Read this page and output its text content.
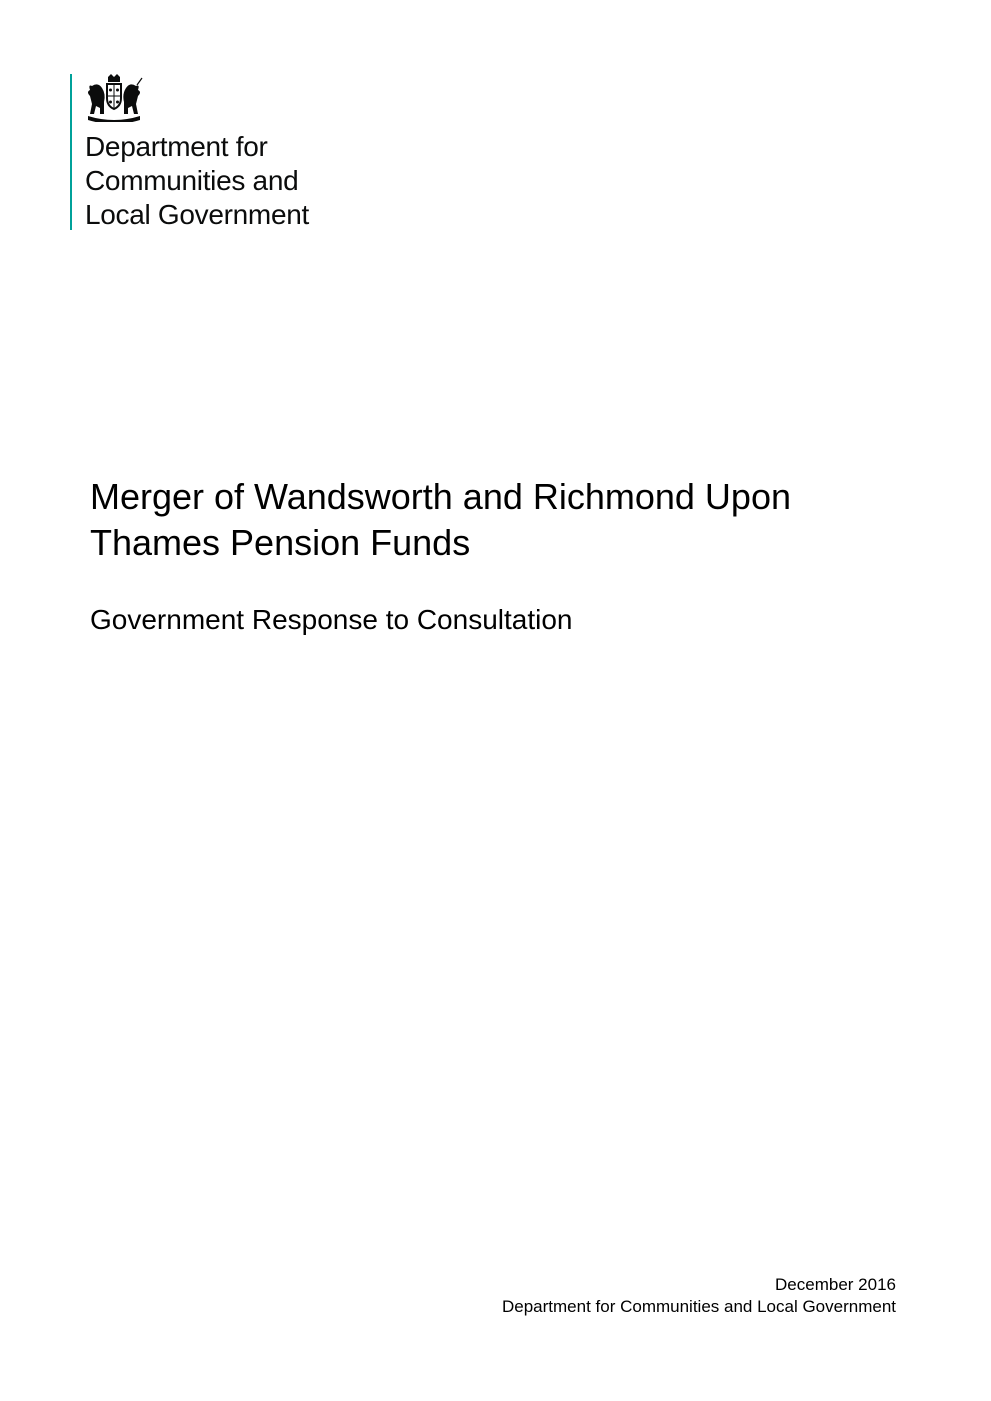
Department for
Communities and
Local Government
Merger of Wandsworth and Richmond Upon
Thames Pension Funds
Government Response to Consultation
December 2016
Department for Communities and Local Government
